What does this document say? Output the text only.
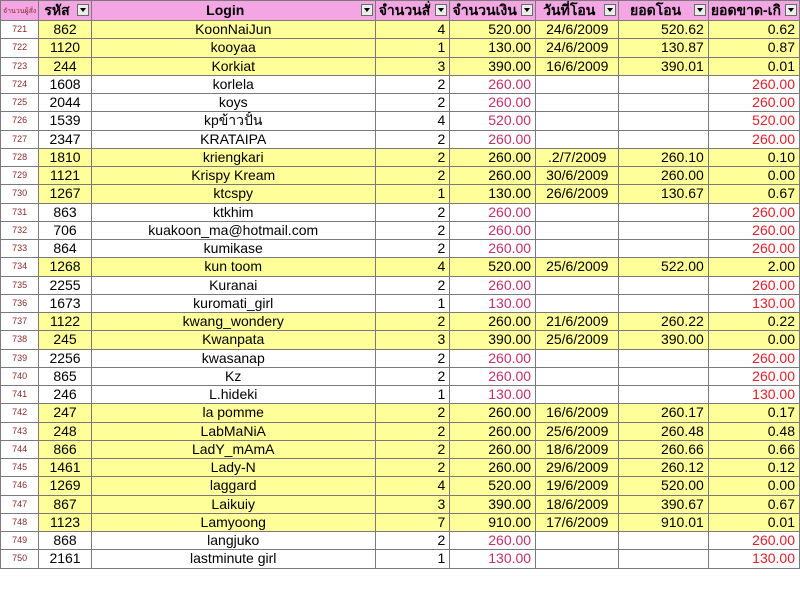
จำนวนผู้สั่ง	รหัส	Login	จำนวนสั่	จำนวนเงิน	วันที่โอน	ยอดโอน	ยอดขาด-เกิ

721	862	KoonNaiJun	4	520.00	24/6/2009	520.62	0.62
722	1120	kooyaa	1	130.00	24/6/2009	130.87	0.87
723	244	Korkiat	3	390.00	16/6/2009	390.01	0.01
724	1608	korlela	2	260.00			260.00
725	2044	koys	2	260.00			260.00
726	1539	kpข้าวปั้น	4	520.00			520.00
727	2347	KRATAIPA	2	260.00			260.00
728	1810	kriengkari	2	260.00	.2/7/2009	260.10	0.10
729	1121	Krispy Kream	2	260.00	30/6/2009	260.00	0.00
730	1267	ktcspy	1	130.00	26/6/2009	130.67	0.67
731	863	ktkhim	2	260.00			260.00
732	706	kuakoon_ma@hotmail.com	2	260.00			260.00
733	864	kumikase	2	260.00			260.00
734	1268	kun toom	4	520.00	25/6/2009	522.00	2.00
735	2255	Kuranai	2	260.00			260.00
736	1673	kuromati_girl	1	130.00			130.00
737	1122	kwang_wondery	2	260.00	21/6/2009	260.22	0.22
738	245	Kwanpata	3	390.00	25/6/2009	390.00	0.00
739	2256	kwasanap	2	260.00			260.00
740	865	Kz	2	260.00			260.00
741	246	L.hideki	1	130.00			130.00
742	247	la pomme	2	260.00	16/6/2009	260.17	0.17
743	248	LabMaNiA	2	260.00	25/6/2009	260.48	0.48
744	866	LadY_mAmA	2	260.00	18/6/2009	260.66	0.66
745	1461	Lady-N	2	260.00	29/6/2009	260.12	0.12
746	1269	laggard	4	520.00	19/6/2009	520.00	0.00
747	867	Laikuiy	3	390.00	18/6/2009	390.67	0.67
748	1123	Lamyoong	7	910.00	17/6/2009	910.01	0.01
749	868	langjuko	2	260.00			260.00
750	2161	lastminute girl	1	130.00			130.00
